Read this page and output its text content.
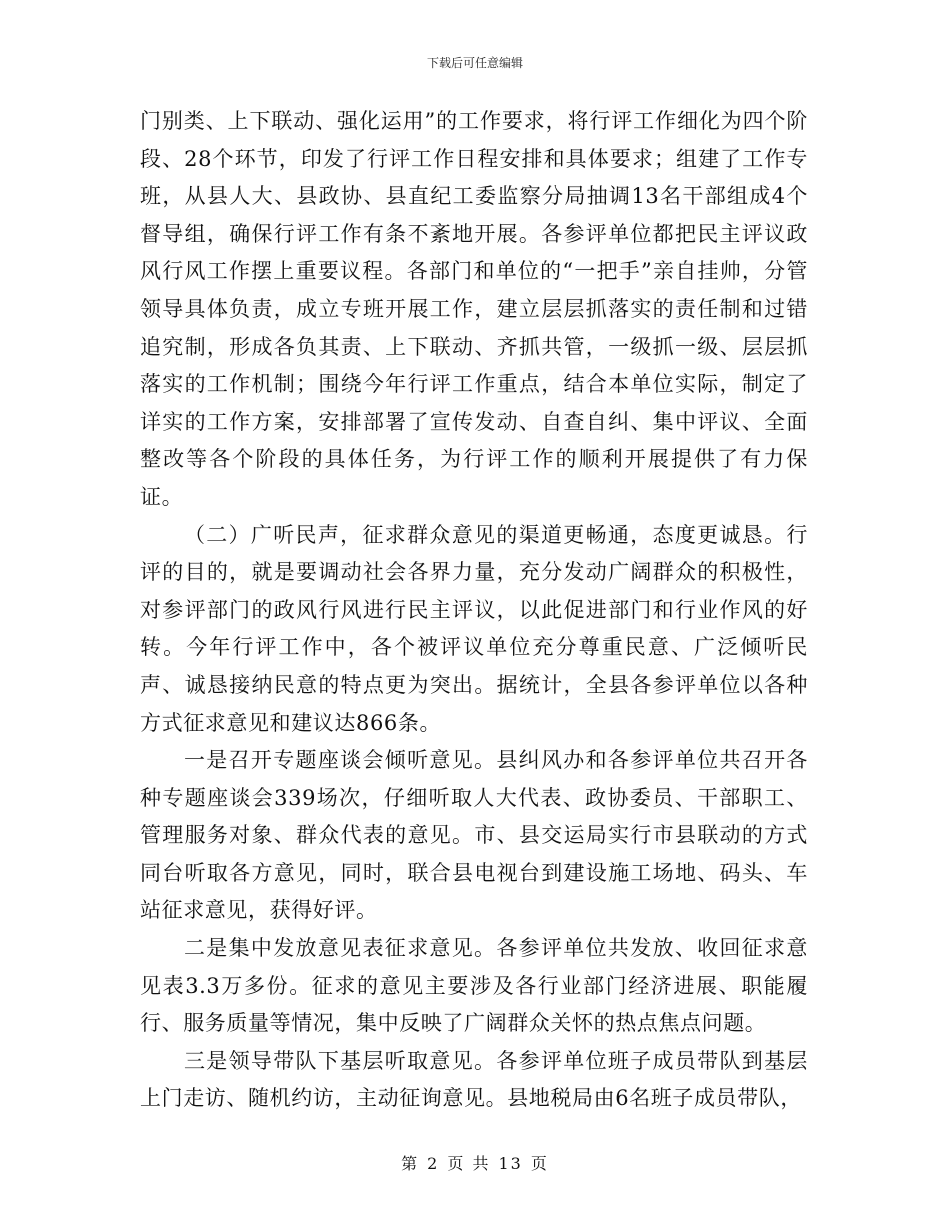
下载后可任意编辑

门别类、上下联动、强化运用”的工作要求，将行评工作细化为四个阶段、28个环节，印发了行评工作日程安排和具体要求；组建了工作专班，从县人大、县政协、县直纪工委监察分局抽调13名干部组成4个督导组，确保行评工作有条不紊地开展。各参评单位都把民主评议政风行风工作摆上重要议程。各部门和单位的“一把手”亲自挂帅，分管领导具体负责，成立专班开展工作，建立层层抓落实的责任制和过错追究制，形成各负其责、上下联动、齐抓共管，一级抓一级、层层抓落实的工作机制；围绕今年行评工作重点，结合本单位实际，制定了详实的工作方案，安排部署了宣传发动、自查自纠、集中评议、全面整改等各个阶段的具体任务，为行评工作的顺利开展提供了有力保证。

（二）广听民声，征求群众意见的渠道更畅通，态度更诚恳。行评的目的，就是要调动社会各界力量，充分发动广阔群众的积极性，对参评部门的政风行风进行民主评议，以此促进部门和行业作风的好转。今年行评工作中，各个被评议单位充分尊重民意、广泛倾听民声、诚恳接纳民意的特点更为突出。据统计，全县各参评单位以各种方式征求意见和建议达866条。

一是召开专题座谈会倾听意见。县纠风办和各参评单位共召开各种专题座谈会339场次，仔细听取人大代表、政协委员、干部职工、管理服务对象、群众代表的意见。市、县交运局实行市县联动的方式同台听取各方意见，同时，联合县电视台到建设施工场地、码头、车站征求意见，获得好评。

二是集中发放意见表征求意见。各参评单位共发放、收回征求意见表3.3万多份。征求的意见主要涉及各行业部门经济进展、职能履行、服务质量等情况，集中反映了广阔群众关怀的热点焦点问题。

三是领导带队下基层听取意见。各参评单位班子成员带队到基层上门走访、随机约访，主动征询意见。县地税局由6名班子成员带队，

第 2 页 共 13 页
